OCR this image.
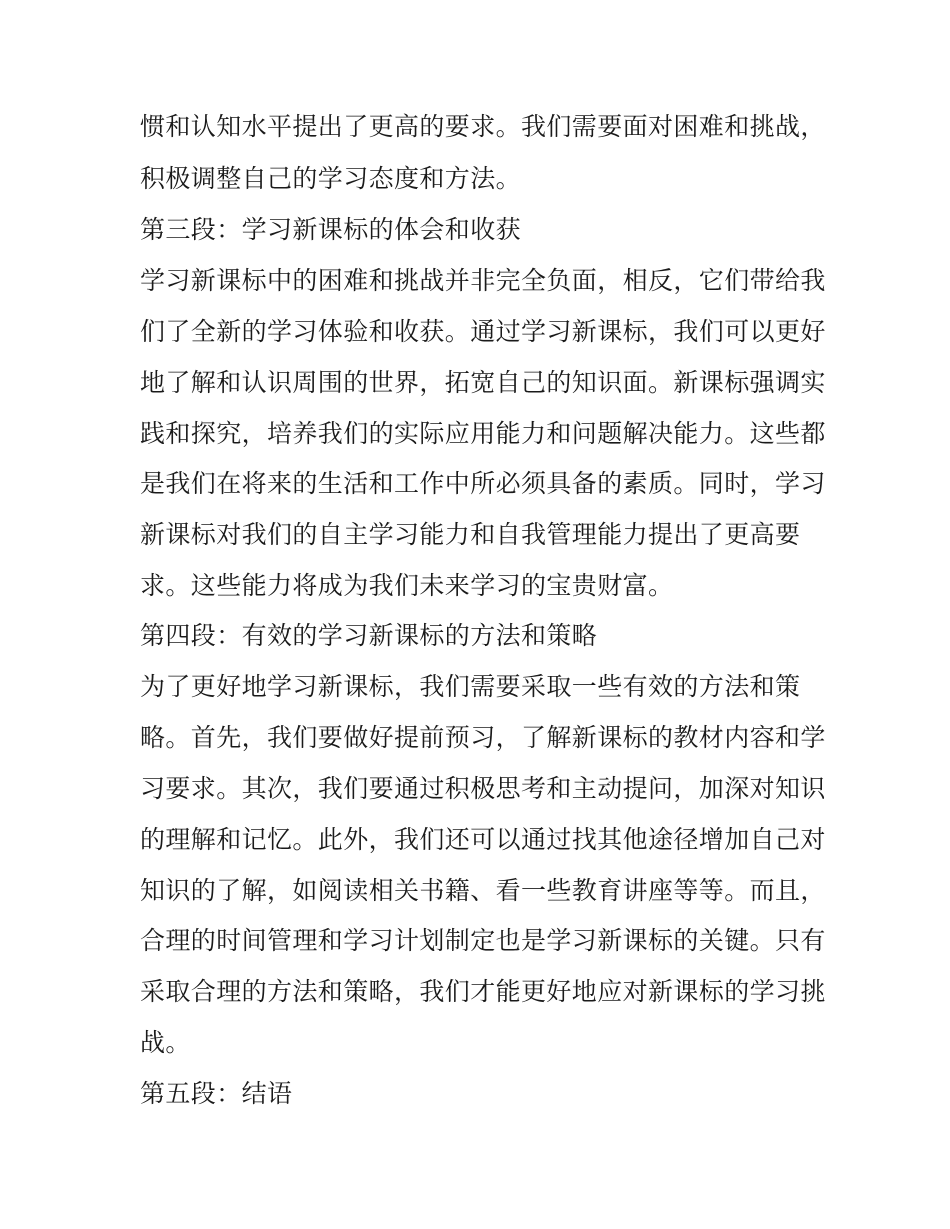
惯和认知水平提出了更高的要求。我们需要面对困难和挑战，

积极调整自己的学习态度和方法。

第三段：学习新课标的体会和收获

学习新课标中的困难和挑战并非完全负面，相反，它们带给我

们了全新的学习体验和收获。通过学习新课标，我们可以更好

地了解和认识周围的世界，拓宽自己的知识面。新课标强调实

践和探究，培养我们的实际应用能力和问题解决能力。这些都

是我们在将来的生活和工作中所必须具备的素质。同时，学习

新课标对我们的自主学习能力和自我管理能力提出了更高要

求。这些能力将成为我们未来学习的宝贵财富。

第四段：有效的学习新课标的方法和策略

为了更好地学习新课标，我们需要采取一些有效的方法和策

略。首先，我们要做好提前预习，了解新课标的教材内容和学

习要求。其次，我们要通过积极思考和主动提问，加深对知识

的理解和记忆。此外，我们还可以通过找其他途径增加自己对

知识的了解，如阅读相关书籍、看一些教育讲座等等。而且，

合理的时间管理和学习计划制定也是学习新课标的关键。只有

采取合理的方法和策略，我们才能更好地应对新课标的学习挑

战。

第五段：结语
